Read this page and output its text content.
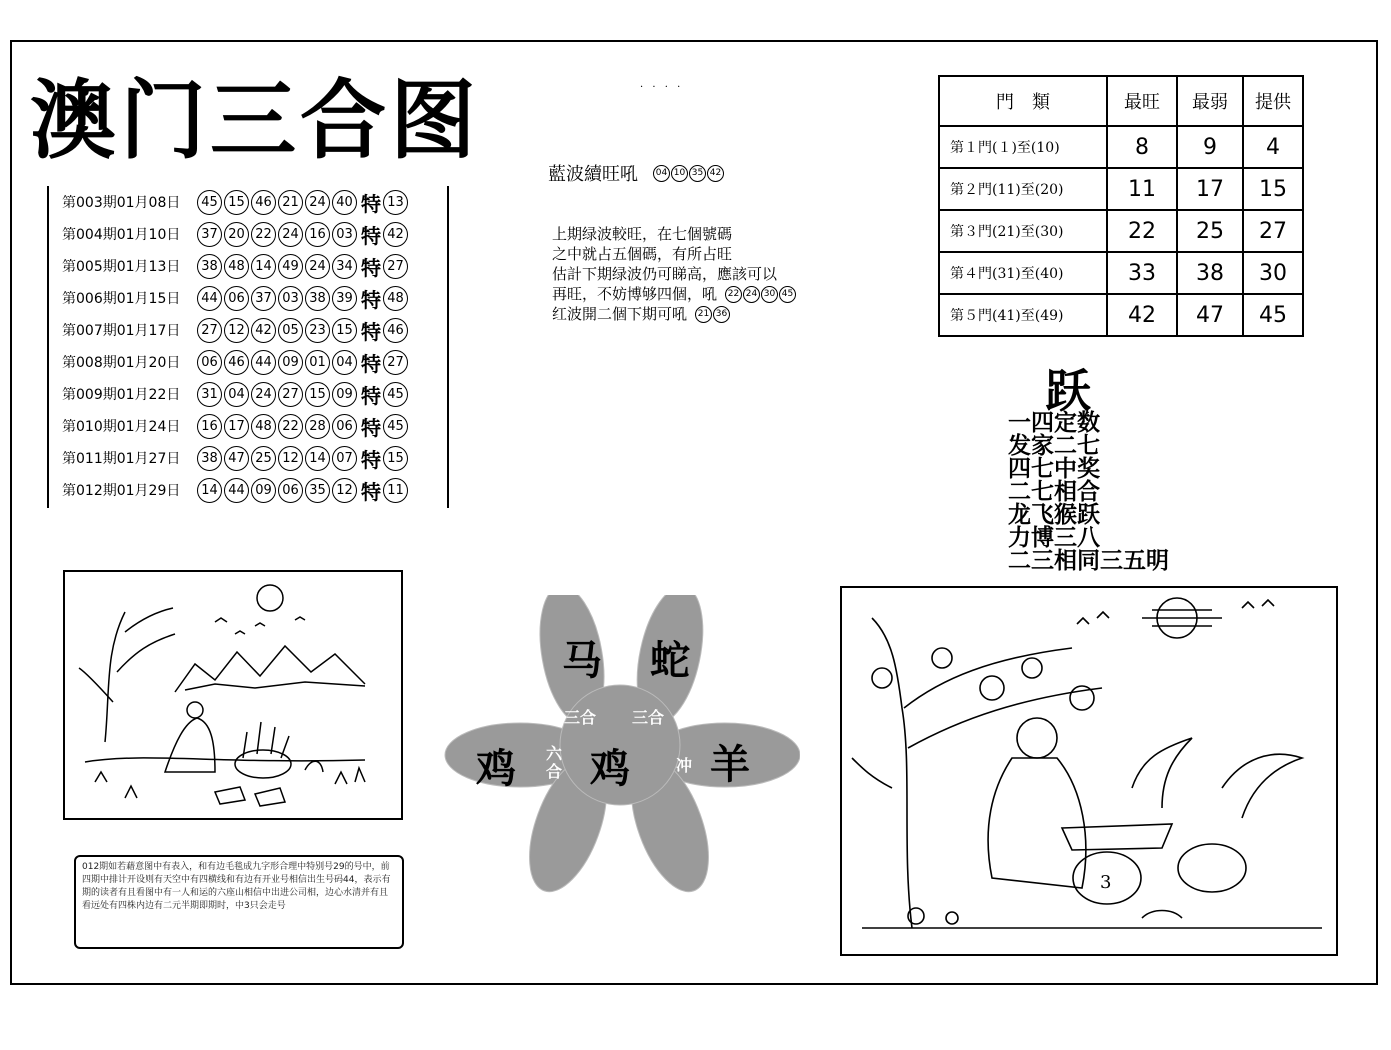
澳门三合图	· · · ·
第003期01月08日	45 15 46 21 24 40 特 13
第004期01月10日	37 20 22 24 16 03 特 42
第005期01月13日	38 48 14 49 24 34 特 27
第006期01月15日	44 06 37 03 38 39 特 48
第007期01月17日	27 12 42 05 23 15 特 46
第008期01月20日	06 46 44 09 01 04 特 27
第009期01月22日	31 04 24 27 15 09 特 45
第010期01月24日	16 17 48 22 28 06 特 45
第011期01月27日	38 47 25 12 14 07 特 15
第012期01月29日	14 44 09 06 35 12 特 11
藍波續旺吼	04 10 35 42
上期绿波較旺，在七個號碼
之中就占五個碼，有所占旺
估計下期绿波仍可睇高，應該可以
再旺，不妨博够四個，吼	22 24 30 45
红波開二個下期可吼	21 36
門　類	最旺	最弱	提供
第１門(１)至(10)	8	9	4
第２門(11)至(20)	11	17	15
第３門(21)至(30)	22	25	27
第４門(31)至(40)	33	38	30
第５門(41)至(49)	42	47	45
跃
一四定数
发家二七
四七中奖
二七相合
龙飞猴跃
力博三八
二三相同三五明
马 蛇
鸡 鸡 羊
三合 三合
六合	冲
3
012期如若藉意图中有表入，和有边毛毯成九字形合理中特别号29的号中，前四期中排计开设则有天空中有四横线和有边有开业号相信出生号码44，表示有期的读者有且看图中有一人和运的六座山相信中出进公司相，边心水清并有且看远处有四株内边有二元半期即期时，中3只会走号
